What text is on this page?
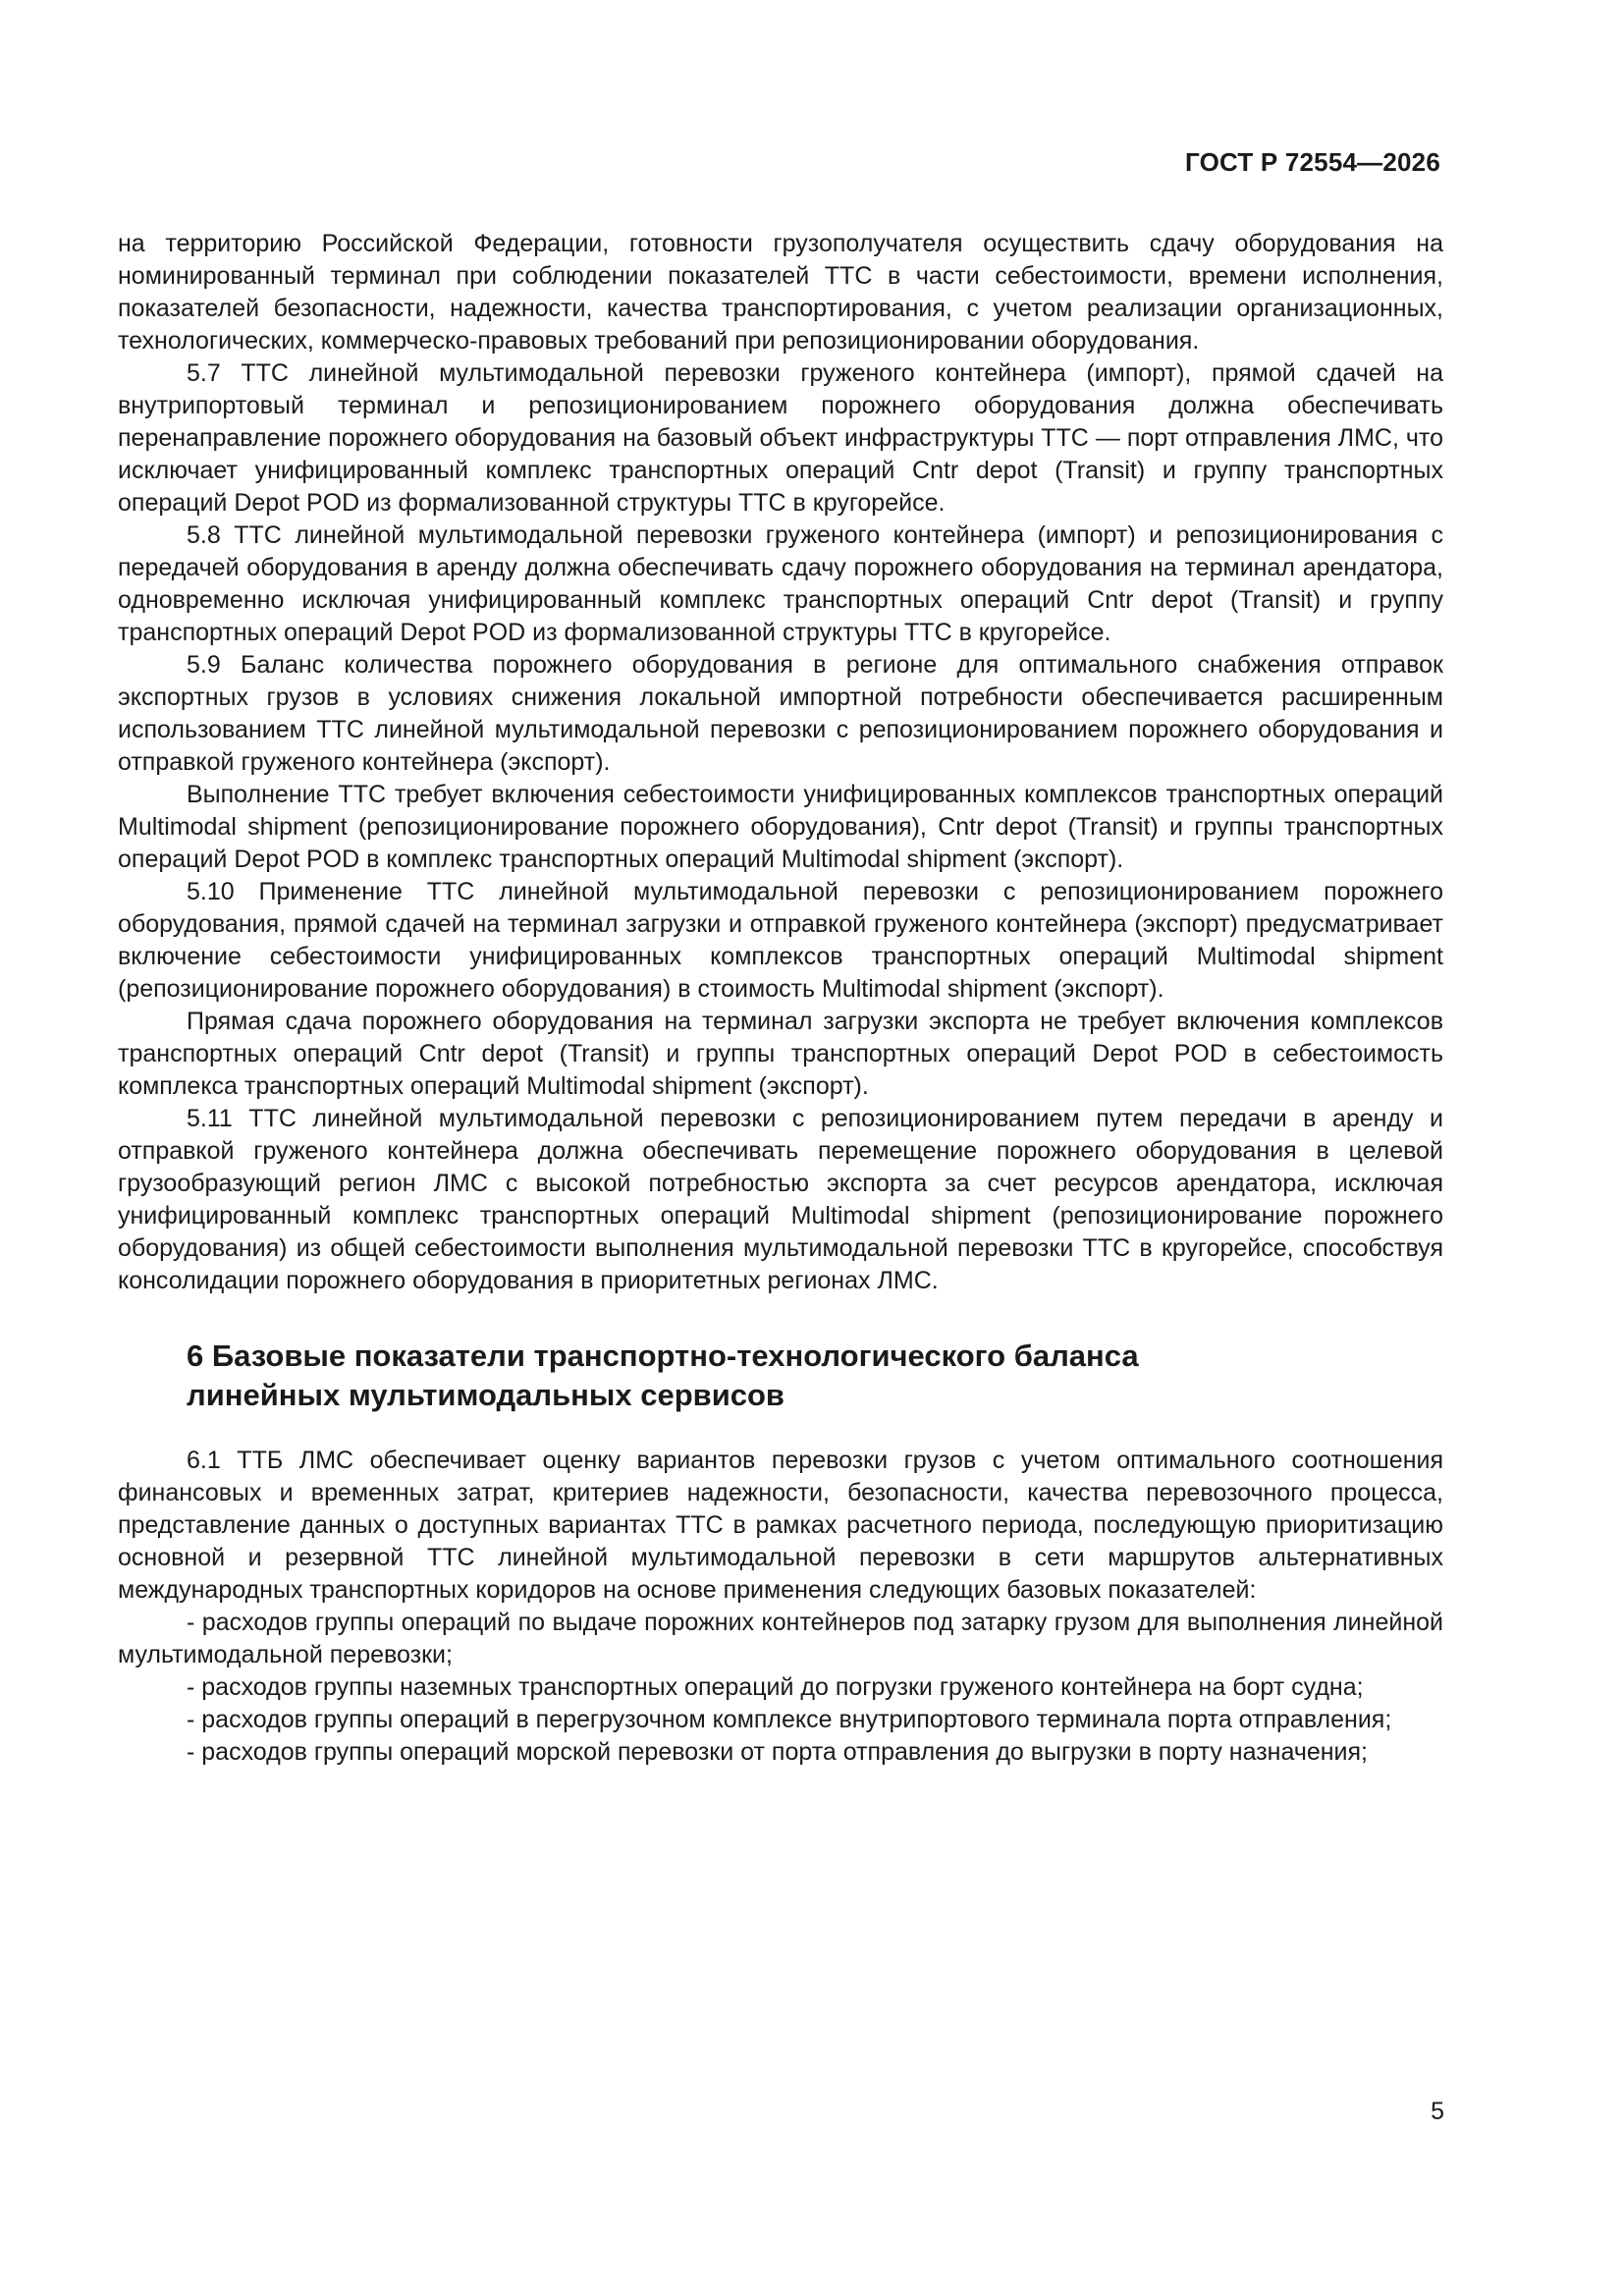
ГОСТ Р 72554—2026

на территорию Российской Федерации, готовности грузополучателя осуществить сдачу оборудования на номинированный терминал при соблюдении показателей ТТС в части себестоимости, времени исполнения, показателей безопасности, надежности, качества транспортирования, с учетом реализации организационных, технологических, коммерческо-правовых требований при репозиционировании оборудования.

5.7 ТТС линейной мультимодальной перевозки груженого контейнера (импорт), прямой сдачей на внутрипортовый терминал и репозиционированием порожнего оборудования должна обеспечивать перенаправление порожнего оборудования на базовый объект инфраструктуры ТТС — порт отправления ЛМС, что исключает унифицированный комплекс транспортных операций Cntr depot (Transit) и группу транспортных операций Depot POD из формализованной структуры ТТС в кругорейсе.

5.8 ТТС линейной мультимодальной перевозки груженого контейнера (импорт) и репозиционирования с передачей оборудования в аренду должна обеспечивать сдачу порожнего оборудования на терминал арендатора, одновременно исключая унифицированный комплекс транспортных операций Cntr depot (Transit) и группу транспортных операций Depot POD из формализованной структуры ТТС в кругорейсе.

5.9 Баланс количества порожнего оборудования в регионе для оптимального снабжения отправок экспортных грузов в условиях снижения локальной импортной потребности обеспечивается расширенным использованием ТТС линейной мультимодальной перевозки с репозиционированием порожнего оборудования и отправкой груженого контейнера (экспорт).

Выполнение ТТС требует включения себестоимости унифицированных комплексов транспортных операций Multimodal shipment (репозиционирование порожнего оборудования), Cntr depot (Transit) и группы транспортных операций Depot POD в комплекс транспортных операций Multimodal shipment (экспорт).

5.10 Применение ТТС линейной мультимодальной перевозки с репозиционированием порожнего оборудования, прямой сдачей на терминал загрузки и отправкой груженого контейнера (экспорт) предусматривает включение себестоимости унифицированных комплексов транспортных операций Multimodal shipment (репозиционирование порожнего оборудования) в стоимость Multimodal shipment (экспорт).

Прямая сдача порожнего оборудования на терминал загрузки экспорта не требует включения комплексов транспортных операций Cntr depot (Transit) и группы транспортных операций Depot POD в себестоимость комплекса транспортных операций Multimodal shipment (экспорт).

5.11 ТТС линейной мультимодальной перевозки с репозиционированием путем передачи в аренду и отправкой груженого контейнера должна обеспечивать перемещение порожнего оборудования в целевой грузообразующий регион ЛМС с высокой потребностью экспорта за счет ресурсов арендатора, исключая унифицированный комплекс транспортных операций Multimodal shipment (репозиционирование порожнего оборудования) из общей себестоимости выполнения мультимодальной перевозки ТТС в кругорейсе, способствуя консолидации порожнего оборудования в приоритетных регионах ЛМС.

6 Базовые показатели транспортно-технологического баланса
линейных мультимодальных сервисов

6.1 ТТБ ЛМС обеспечивает оценку вариантов перевозки грузов с учетом оптимального соотношения финансовых и временных затрат, критериев надежности, безопасности, качества перевозочного процесса, представление данных о доступных вариантах ТТС в рамках расчетного периода, последующую приоритизацию основной и резервной ТТС линейной мультимодальной перевозки в сети маршрутов альтернативных международных транспортных коридоров на основе применения следующих базовых показателей:

- расходов группы операций по выдаче порожних контейнеров под затарку грузом для выполнения линейной мультимодальной перевозки;

- расходов группы наземных транспортных операций до погрузки груженого контейнера на борт судна;

- расходов группы операций в перегрузочном комплексе внутрипортового терминала порта отправления;

- расходов группы операций морской перевозки от порта отправления до выгрузки в порту назначения;

5
